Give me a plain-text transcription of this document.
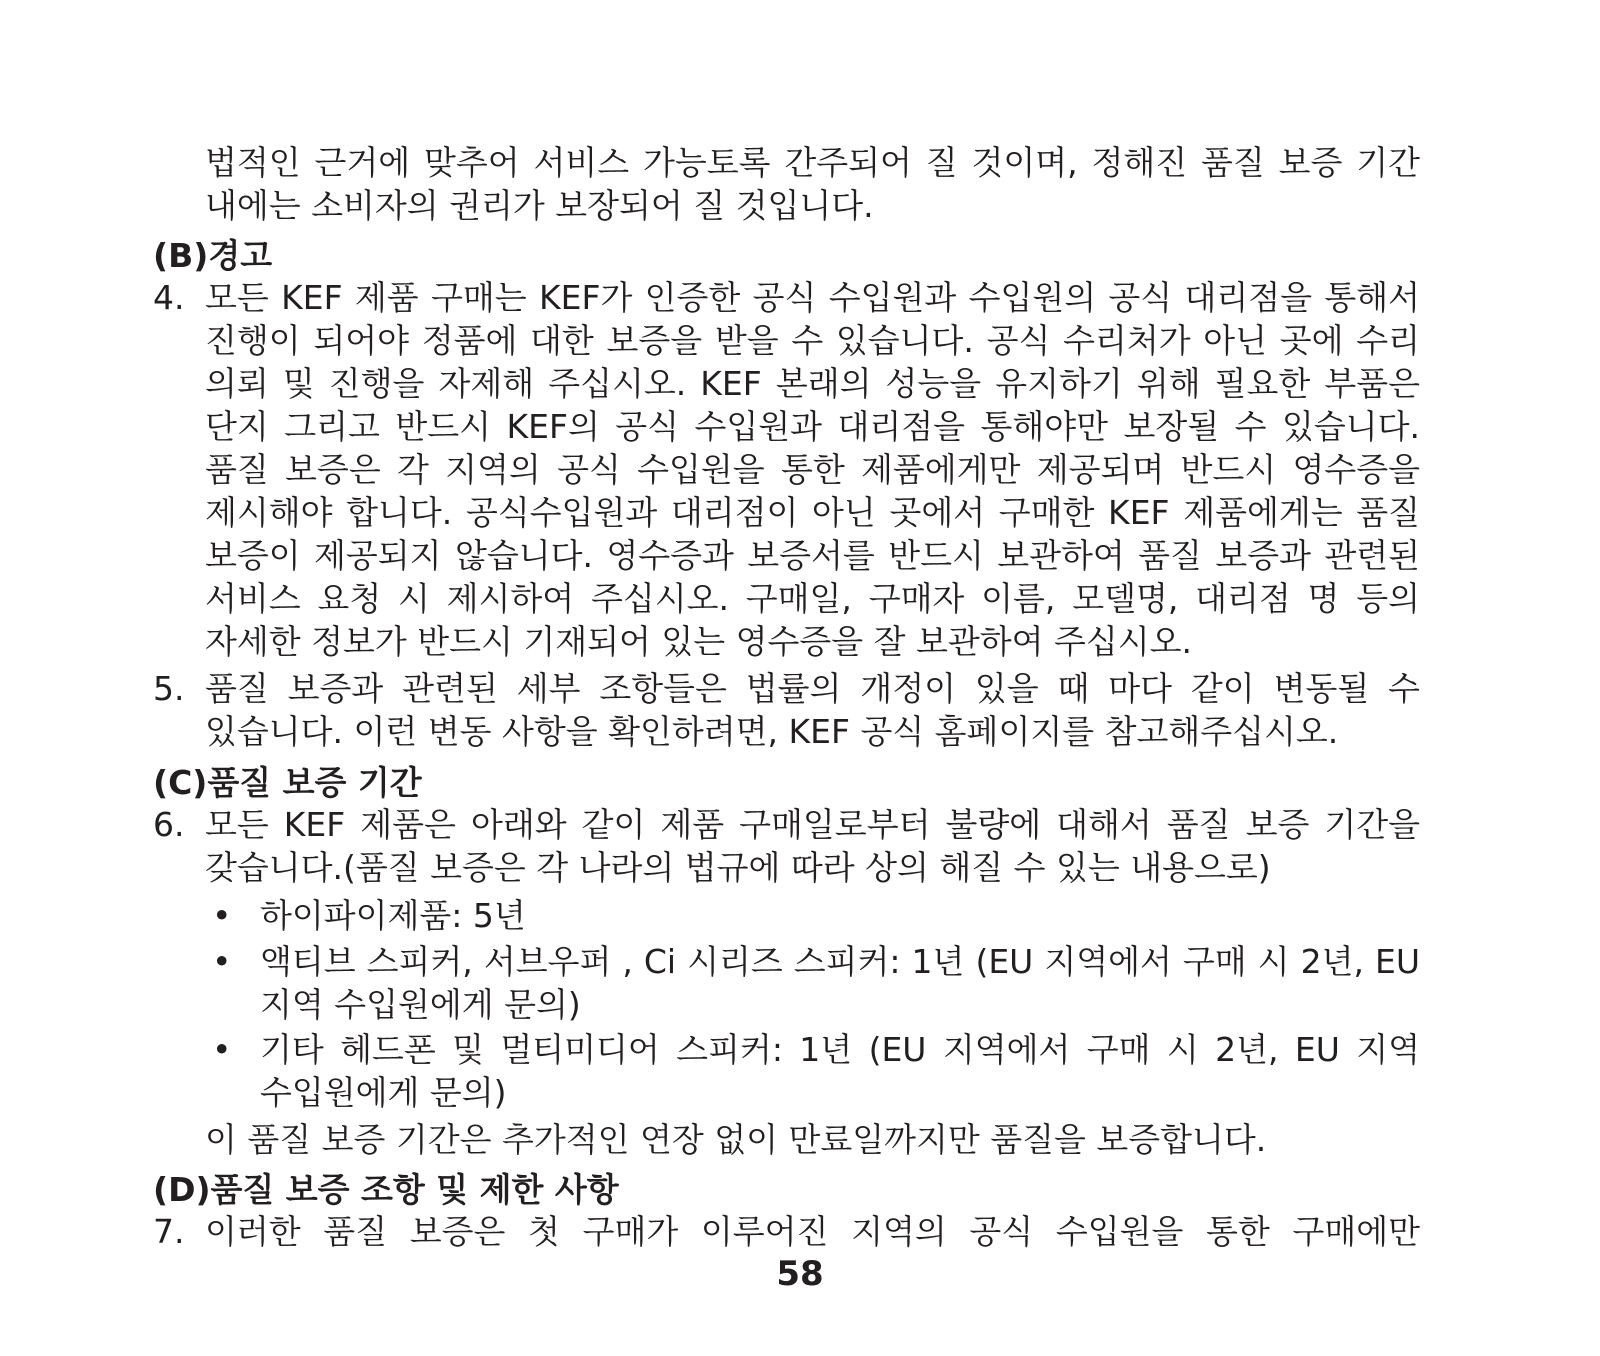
법적인 근거에 맞추어 서비스 가능토록 간주되어 질 것이며, 정해진 품질 보증 기간
내에는 소비자의 권리가 보장되어 질 것입니다.
(B)경고
4. 모든 KEF 제품 구매는 KEF가 인증한 공식 수입원과 수입원의 공식 대리점을 통해서
진행이 되어야 정품에 대한 보증을 받을 수 있습니다. 공식 수리처가 아닌 곳에 수리
의뢰 및 진행을 자제해 주십시오. KEF 본래의 성능을 유지하기 위해 필요한 부품은
단지 그리고 반드시 KEF의 공식 수입원과 대리점을 통해야만 보장될 수 있습니다.
품질 보증은 각 지역의 공식 수입원을 통한 제품에게만 제공되며 반드시 영수증을
제시해야 합니다. 공식수입원과 대리점이 아닌 곳에서 구매한 KEF 제품에게는 품질
보증이 제공되지 않습니다. 영수증과 보증서를 반드시 보관하여 품질 보증과 관련된
서비스 요청 시 제시하여 주십시오. 구매일, 구매자 이름, 모델명, 대리점 명 등의
자세한 정보가 반드시 기재되어 있는 영수증을 잘 보관하여 주십시오.
5. 품질 보증과 관련된 세부 조항들은 법률의 개정이 있을 때 마다 같이 변동될 수
있습니다. 이런 변동 사항을 확인하려면, KEF 공식 홈페이지를 참고해주십시오.
(C)품질 보증 기간
6. 모든 KEF 제품은 아래와 같이 제품 구매일로부터 불량에 대해서 품질 보증 기간을
갖습니다.(품질 보증은 각 나라의 법규에 따라 상의 해질 수 있는 내용으로)
• 하이파이제품: 5년
• 액티브 스피커, 서브우퍼 , Ci 시리즈 스피커: 1년 (EU 지역에서 구매 시 2년, EU
지역 수입원에게 문의)
• 기타 헤드폰 및 멀티미디어 스피커: 1년 (EU 지역에서 구매 시 2년, EU 지역
수입원에게 문의)
이 품질 보증 기간은 추가적인 연장 없이 만료일까지만 품질을 보증합니다.
(D)품질 보증 조항 및 제한 사항
7. 이러한 품질 보증은 첫 구매가 이루어진 지역의 공식 수입원을 통한 구매에만
58
